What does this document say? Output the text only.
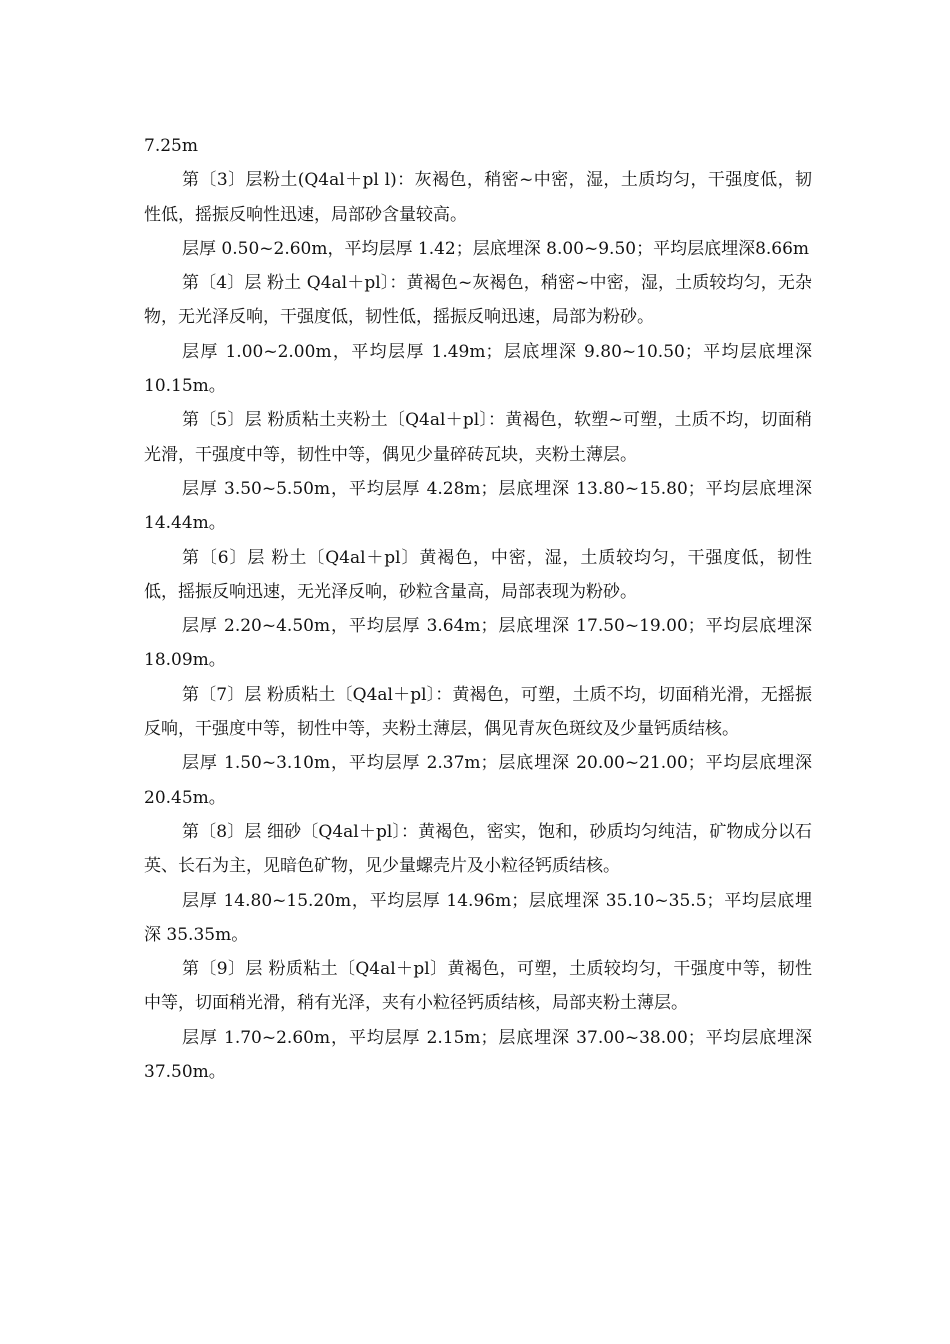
7.25m

第〔3〕层粉土(Q4al＋pl l)：灰褐色，稍密~中密，湿，土质均匀，干强度低，韧性低，摇振反响性迅速，局部砂含量较高。

层厚 0.50~2.60m，平均层厚 1.42；层底埋深 8.00~9.50；平均层底埋深8.66m

第〔4〕层 粉土 Q4al＋pl〕：黄褐色~灰褐色，稍密~中密，湿，土质较均匀，无杂物，无光泽反响，干强度低，韧性低，摇振反响迅速，局部为粉砂。

层厚 1.00~2.00m，平均层厚 1.49m；层底埋深 9.80~10.50；平均层底埋深10.15m。

第〔5〕层 粉质粘土夹粉土〔Q4al＋pl〕：黄褐色，软塑~可塑，土质不均，切面稍光滑，干强度中等，韧性中等，偶见少量碎砖瓦块，夹粉土薄层。

层厚 3.50~5.50m，平均层厚 4.28m；层底埋深 13.80~15.80；平均层底埋深14.44m。

第〔6〕层 粉土〔Q4al＋pl〕黄褐色，中密，湿，土质较均匀，干强度低，韧性低，摇振反响迅速，无光泽反响，砂粒含量高，局部表现为粉砂。

层厚 2.20~4.50m，平均层厚 3.64m；层底埋深 17.50~19.00；平均层底埋深18.09m。

第〔7〕层 粉质粘土〔Q4al＋pl〕：黄褐色，可塑，土质不均，切面稍光滑，无摇振反响，干强度中等，韧性中等，夹粉土薄层，偶见青灰色斑纹及少量钙质结核。

层厚 1.50~3.10m，平均层厚 2.37m；层底埋深 20.00~21.00；平均层底埋深20.45m。

第〔8〕层 细砂〔Q4al＋pl〕：黄褐色，密实，饱和，砂质均匀纯洁，矿物成分以石英、长石为主，见暗色矿物，见少量螺壳片及小粒径钙质结核。

层厚 14.80~15.20m，平均层厚 14.96m；层底埋深 35.10~35.5；平均层底埋深 35.35m。

第〔9〕层 粉质粘土〔Q4al＋pl〕黄褐色，可塑，土质较均匀，干强度中等，韧性中等，切面稍光滑，稍有光泽，夹有小粒径钙质结核，局部夹粉土薄层。

层厚 1.70~2.60m，平均层厚 2.15m；层底埋深 37.00~38.00；平均层底埋深37.50m。
